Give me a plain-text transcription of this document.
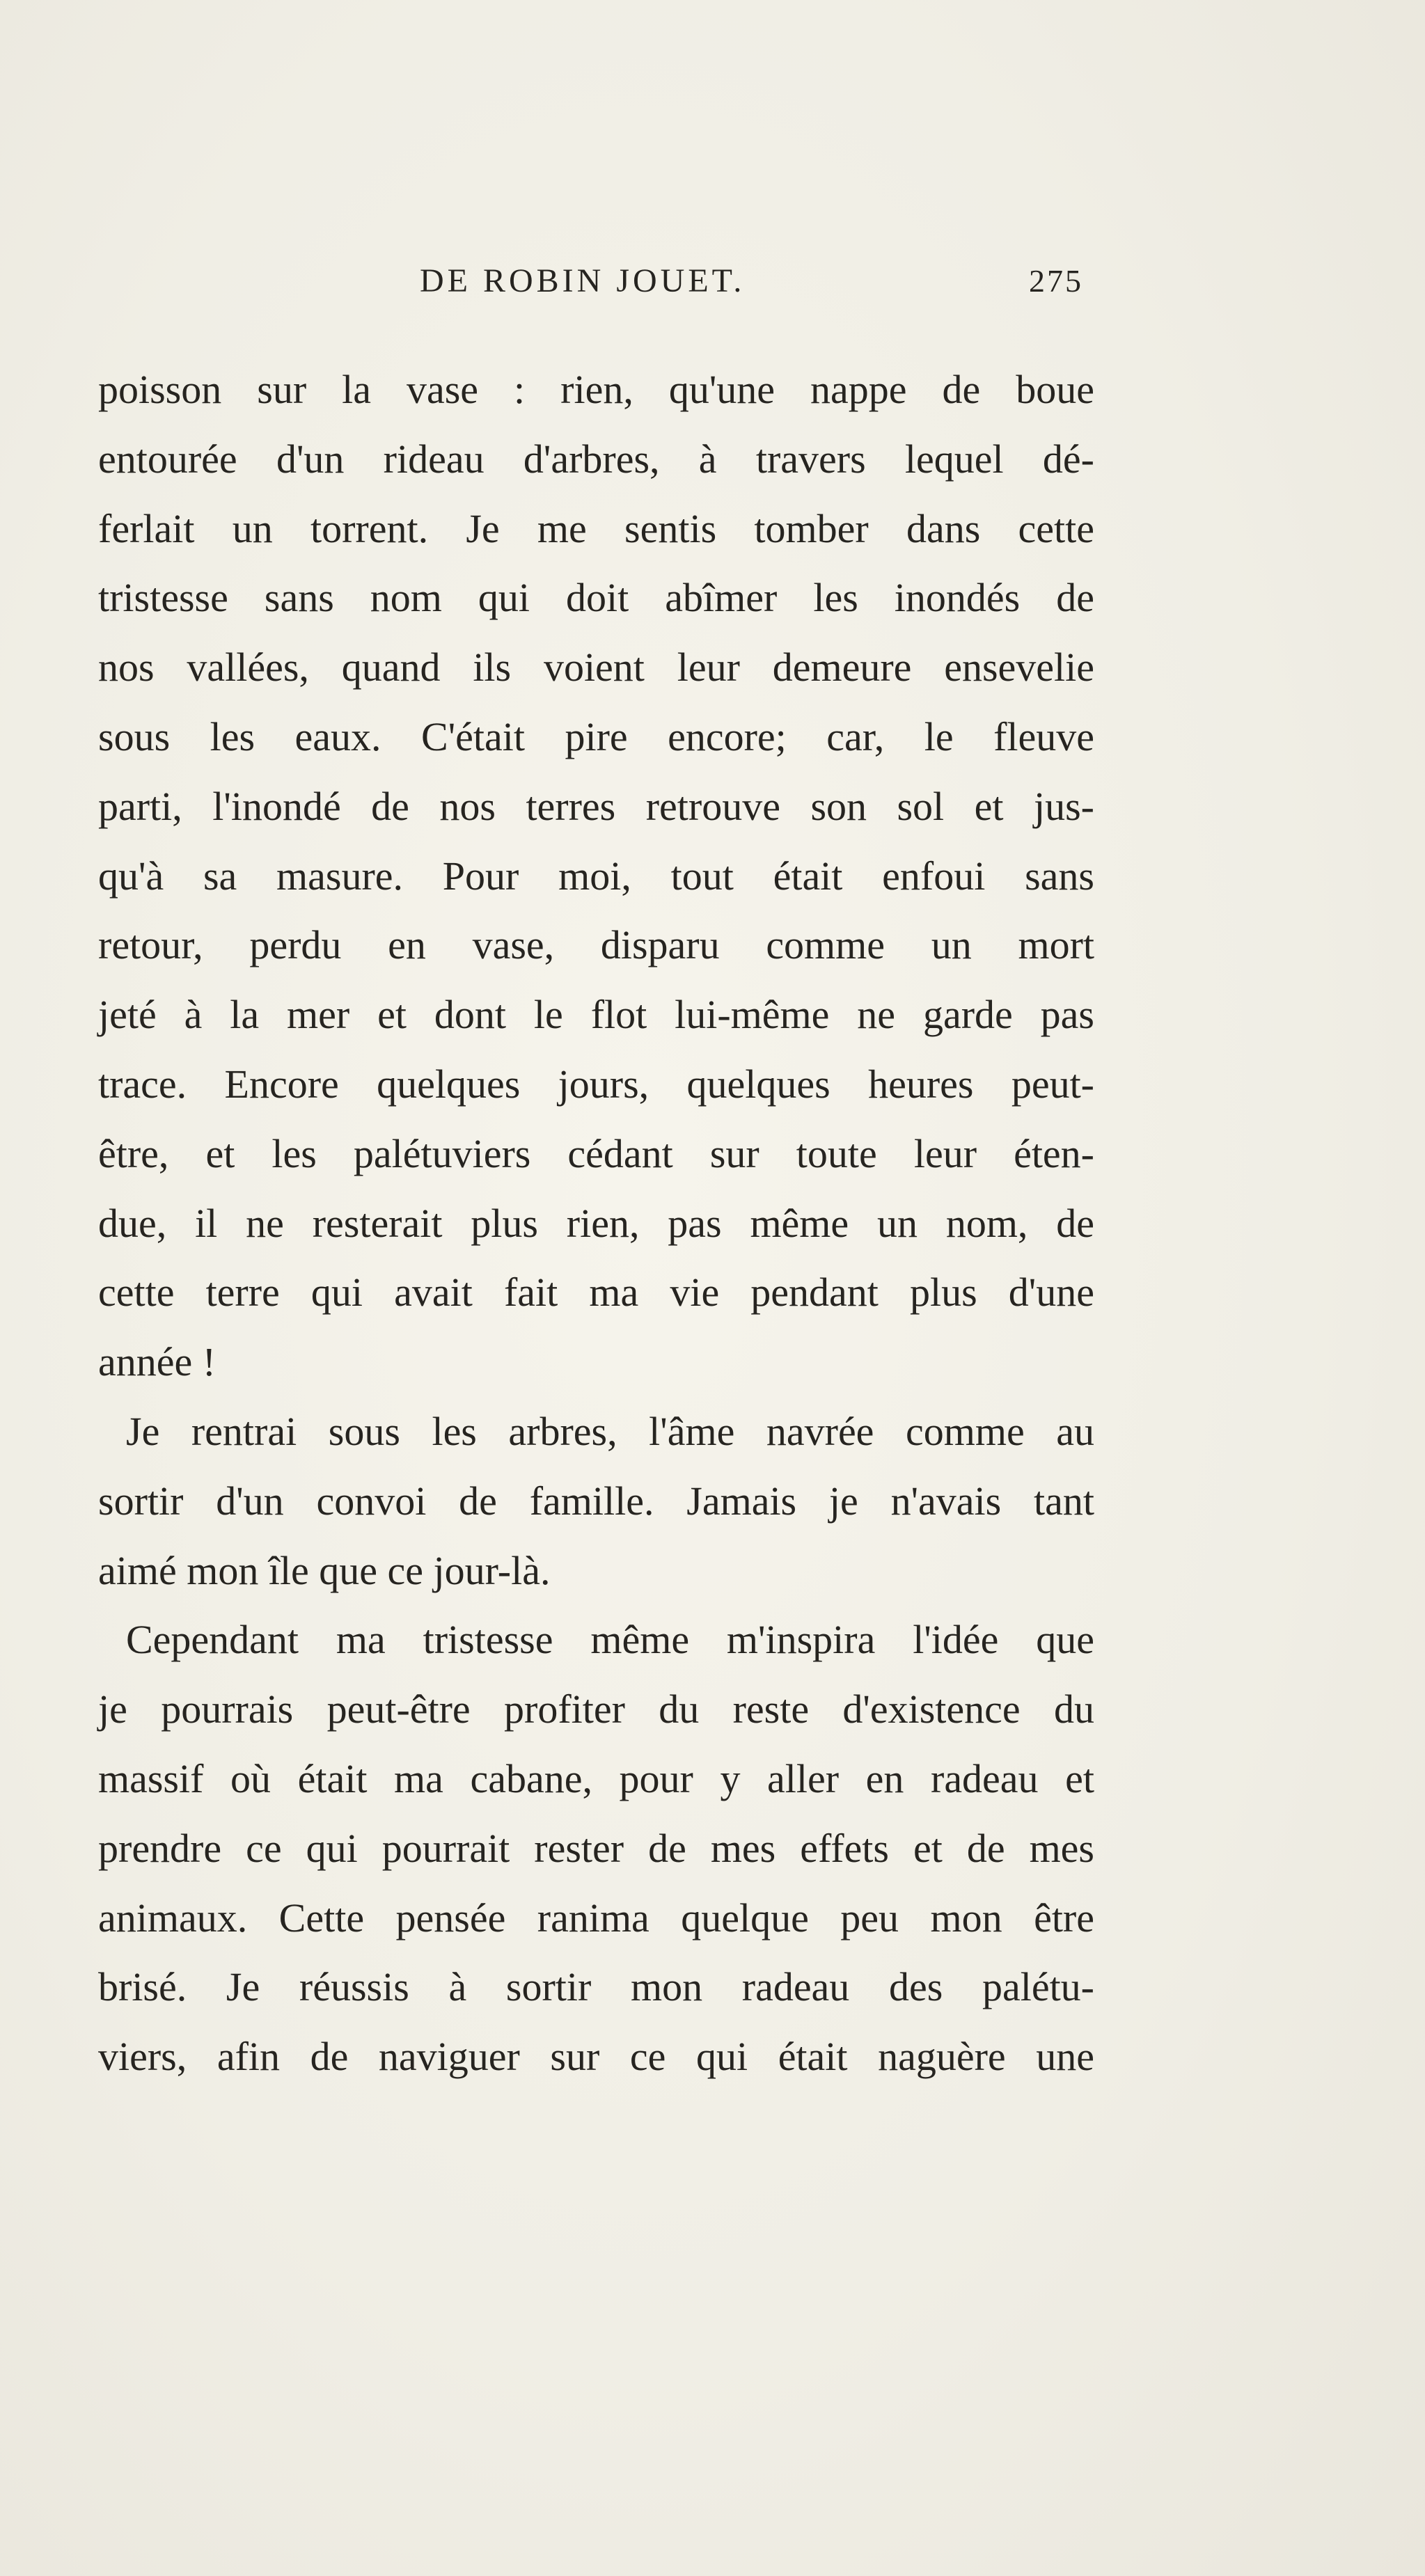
DE ROBIN JOUET.	275
poisson sur la vase : rien, qu'une nappe de boue
entourée d'un rideau d'arbres, à travers lequel dé-
ferlait un torrent. Je me sentis tomber dans cette
tristesse sans nom qui doit abîmer les inondés de
nos vallées, quand ils voient leur demeure ensevelie
sous les eaux. C'était pire encore; car, le fleuve
parti, l'inondé de nos terres retrouve son sol et jus-
qu'à sa masure. Pour moi, tout était enfoui sans
retour, perdu en vase, disparu comme un mort
jeté à la mer et dont le flot lui-même ne garde pas
trace. Encore quelques jours, quelques heures peut-
être, et les palétuviers cédant sur toute leur éten-
due, il ne resterait plus rien, pas même un nom, de
cette terre qui avait fait ma vie pendant plus d'une
année !
Je rentrai sous les arbres, l'âme navrée comme au
sortir d'un convoi de famille. Jamais je n'avais tant
aimé mon île que ce jour-là.
Cependant ma tristesse même m'inspira l'idée que
je pourrais peut-être profiter du reste d'existence du
massif où était ma cabane, pour y aller en radeau et
prendre ce qui pourrait rester de mes effets et de mes
animaux. Cette pensée ranima quelque peu mon être
brisé. Je réussis à sortir mon radeau des palétu-
viers, afin de naviguer sur ce qui était naguère une
